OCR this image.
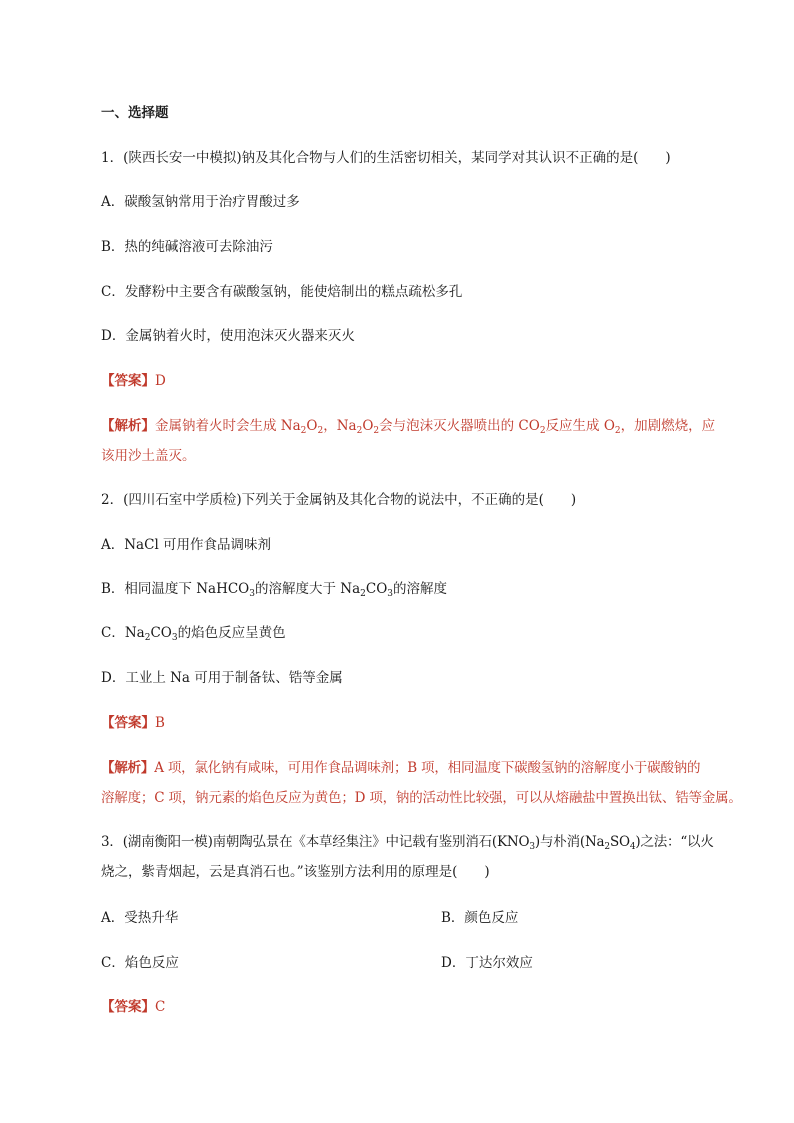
一、选择题
1．(陕西长安一中模拟)钠及其化合物与人们的生活密切相关，某同学对其认识不正确的是(　　)
A．碳酸氢钠常用于治疗胃酸过多
B．热的纯碱溶液可去除油污
C．发酵粉中主要含有碳酸氢钠，能使焙制出的糕点疏松多孔
D．金属钠着火时，使用泡沫灭火器来灭火
【答案】D
【解析】金属钠着火时会生成 $Na_2O_2$，$Na_2O_2$会与泡沫灭火器喷出的 $CO_2$反应生成 $O_2$，加剧燃烧，应
该用沙土盖灭。
2．(四川石室中学质检)下列关于金属钠及其化合物的说法中，不正确的是(　　)
A．NaCl 可用作食品调味剂
B．相同温度下 NaHCO$_3$的溶解度大于 $Na_2CO_3$的溶解度
C．$Na_2CO_3$的焰色反应呈黄色
D．工业上 Na 可用于制备钛、锆等金属
【答案】B
【解析】A 项，氯化钠有咸味，可用作食品调味剂；B 项，相同温度下碳酸氢钠的溶解度小于碳酸钠的
溶解度；C 项，钠元素的焰色反应为黄色；D 项，钠的活动性比较强，可以从熔融盐中置换出钛、锆等金属。
3．(湖南衡阳一模)南朝陶弘景在《本草经集注》中记载有鉴别消石$(KNO_3)$与朴消$(Na_2SO_4)$之法：“以火
烧之，紫青烟起，云是真消石也。”该鉴别方法利用的原理是(　　)
A．受热升华	B．颜色反应
C．焰色反应	D．丁达尔效应
【答案】C
